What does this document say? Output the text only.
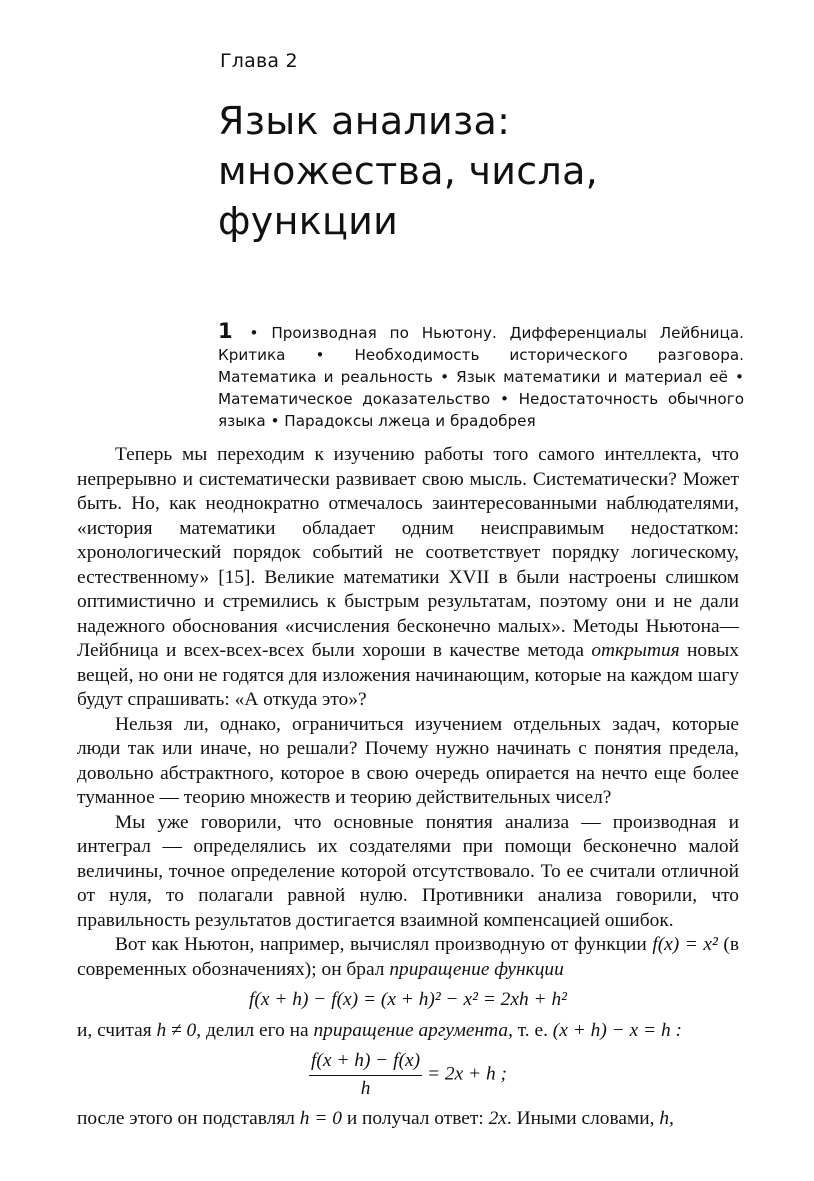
Глава 2
Язык анализа:
множества, числа,
функции
1 • Производная по Ньютону. Дифференциалы Лейбница. Критика • Необходимость исторического разговора. Математика и реальность • Язык математики и материал её • Математическое доказательство • Недостаточность обычного языка • Парадоксы лжеца и брадобрея

Теперь мы переходим к изучению работы того самого интеллекта, что непрерывно и систематически развивает свою мысль. Систематически? Может быть. Но, как неоднократно отмечалось заинтересованными наблюдателями, «история математики обладает одним неисправимым недостатком: хронологический порядок событий не соответствует порядку логическому, естественному» [15]. Великие математики XVII в были настроены слишком оптимистично и стремились к быстрым результатам, поэтому они и не дали надежного обоснования «исчисления бесконечно малых». Методы Ньютона—Лейбница и всех-всех-всех были хороши в качестве метода открытия новых вещей, но они не годятся для изложения начинающим, которые на каждом шагу будут спрашивать: «А откуда это»?

Нельзя ли, однако, ограничиться изучением отдельных задач, которые люди так или иначе, но решали? Почему нужно начинать с понятия предела, довольно абстрактного, которое в свою очередь опирается на нечто еще более туманное — теорию множеств и теорию действительных чисел?

Мы уже говорили, что основные понятия анализа — производная и интеграл — определялись их создателями при помощи бесконечно малой величины, точное определение которой отсутствовало. То ее считали отличной от нуля, то полагали равной нулю. Противники анализа говорили, что правильность результатов достигается взаимной компенсацией ошибок.

Вот как Ньютон, например, вычислял производную от функции f(x) = x² (в современных обозначениях); он брал приращение функции

f(x + h) − f(x) = (x + h)² − x² = 2xh + h²

и, считая h ≠ 0, делил его на приращение аргумента, т. е. (x + h) − x = h :

$\frac{f(x + h) - f(x)}{h} = 2x + h$ ;

после этого он подставлял h = 0 и получал ответ: 2x. Иными словами, h,
